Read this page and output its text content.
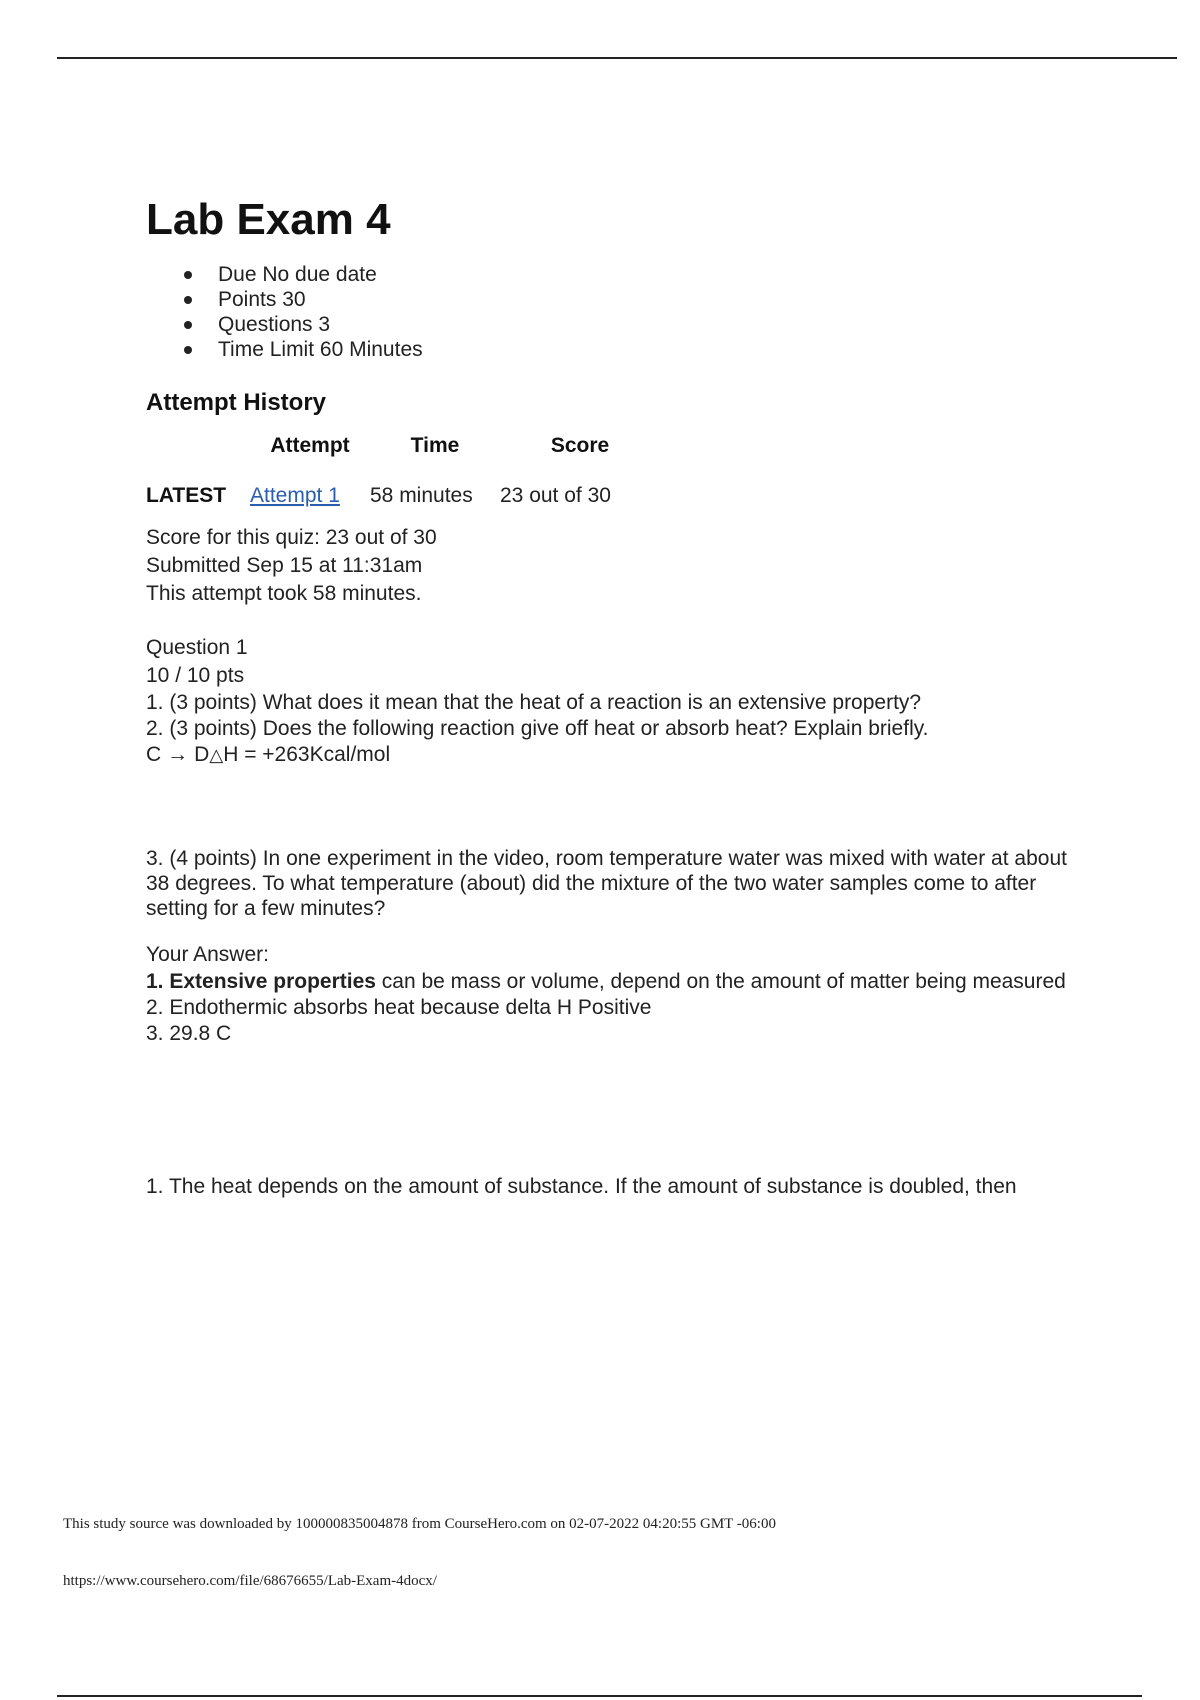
Lab Exam 4
Due No due date
Points 30
Questions 3
Time Limit 60 Minutes
Attempt History
	Attempt	Time	Score
LATEST	Attempt 1	58 minutes	23 out of 30

Score for this quiz: 23 out of 30

Submitted Sep 15 at 11:31am

This attempt took 58 minutes.

Question 1

10 / 10 pts

1. (3 points) What does it mean that the heat of a reaction is an extensive property?

2. (3 points) Does the following reaction give off heat or absorb heat? Explain briefly.

C → D△H = +263Kcal/mol

3. (4 points) In one experiment in the video, room temperature water was mixed with water at about 38 degrees. To what temperature (about) did the mixture of the two water samples come to after setting for a few minutes?

Your Answer:

1. Extensive properties can be mass or volume, depend on the amount of matter being measured

2. Endothermic absorbs heat because delta H Positive

3. 29.8 C

1. The heat depends on the amount of substance. If the amount of substance is doubled, then

This study source was downloaded by 100000835004878 from CourseHero.com on 02-07-2022 04:20:55 GMT -06:00
https://www.coursehero.com/file/68676655/Lab-Exam-4docx/
